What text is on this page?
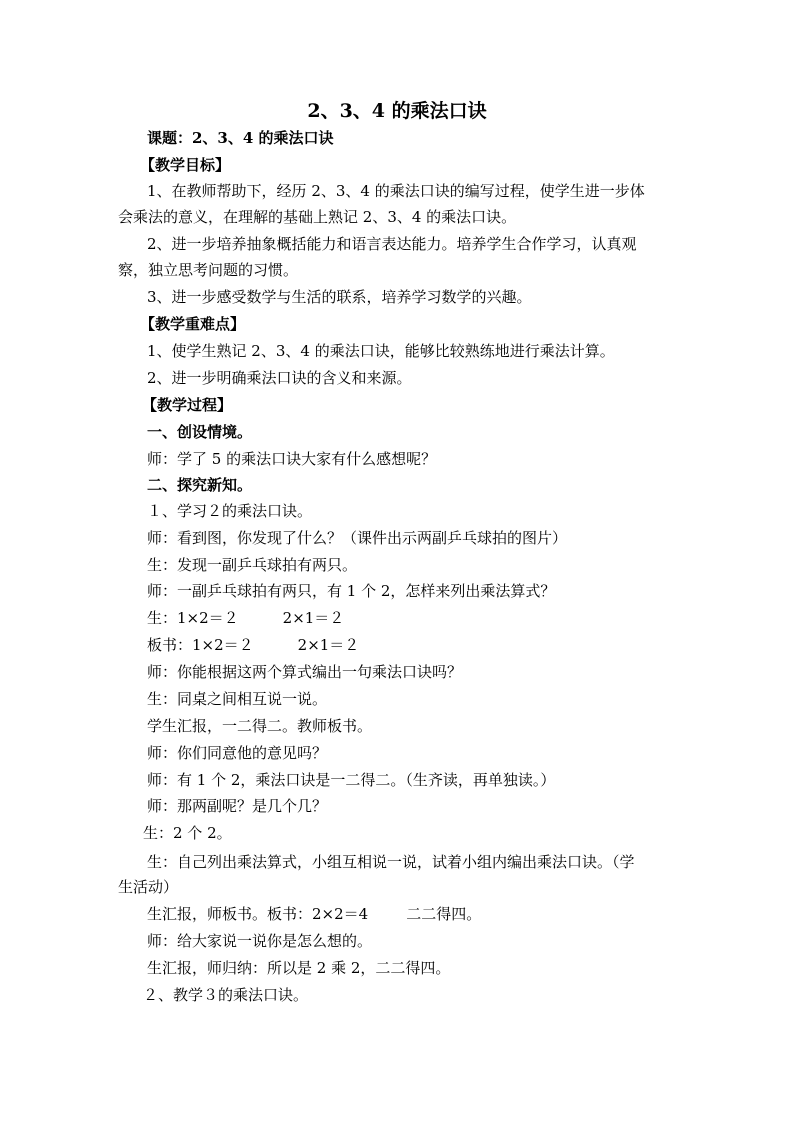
2、3、4 的乘法口诀
课题：2、3、4 的乘法口诀
【教学目标】
1、在教师帮助下，经历 2、3、4 的乘法口诀的编写过程，使学生进一步体
会乘法的意义，在理解的基础上熟记 2、3、4 的乘法口诀。
2、进一步培养抽象概括能力和语言表达能力。培养学生合作学习，认真观
察，独立思考问题的习惯。
3、进一步感受数学与生活的联系，培养学习数学的兴趣。
【教学重难点】
1、使学生熟记 2、3、4 的乘法口诀，能够比较熟练地进行乘法计算。
2、进一步明确乘法口诀的含义和来源。
【教学过程】
一、创设情境。
师：学了 5 的乘法口诀大家有什么感想呢？
二、探究新知。
１、学习２的乘法口诀。
师：看到图，你发现了什么？（课件出示两副乒乓球拍的图片）
生：发现一副乒乓球拍有两只。
师：一副乒乓球拍有两只，有 1 个 2，怎样来列出乘法算式？
生：1×2＝２	2×1＝２
板书：1×2＝２	2×1＝２
师：你能根据这两个算式编出一句乘法口诀吗？
生：同桌之间相互说一说。
学生汇报，一二得二。教师板书。
师：你们同意他的意见吗？
师：有 1 个 2，乘法口诀是一二得二。（生齐读，再单独读。）
师：那两副呢？是几个几？
生：2 个 2。
生：自己列出乘法算式，小组互相说一说，试着小组内编出乘法口诀。（学
生活动）
生汇报，师板书。板书：2×2＝4	二二得四。
师：给大家说一说你是怎么想的。
生汇报，师归纳：所以是 2 乘 2，二二得四。
２、教学３的乘法口诀。
